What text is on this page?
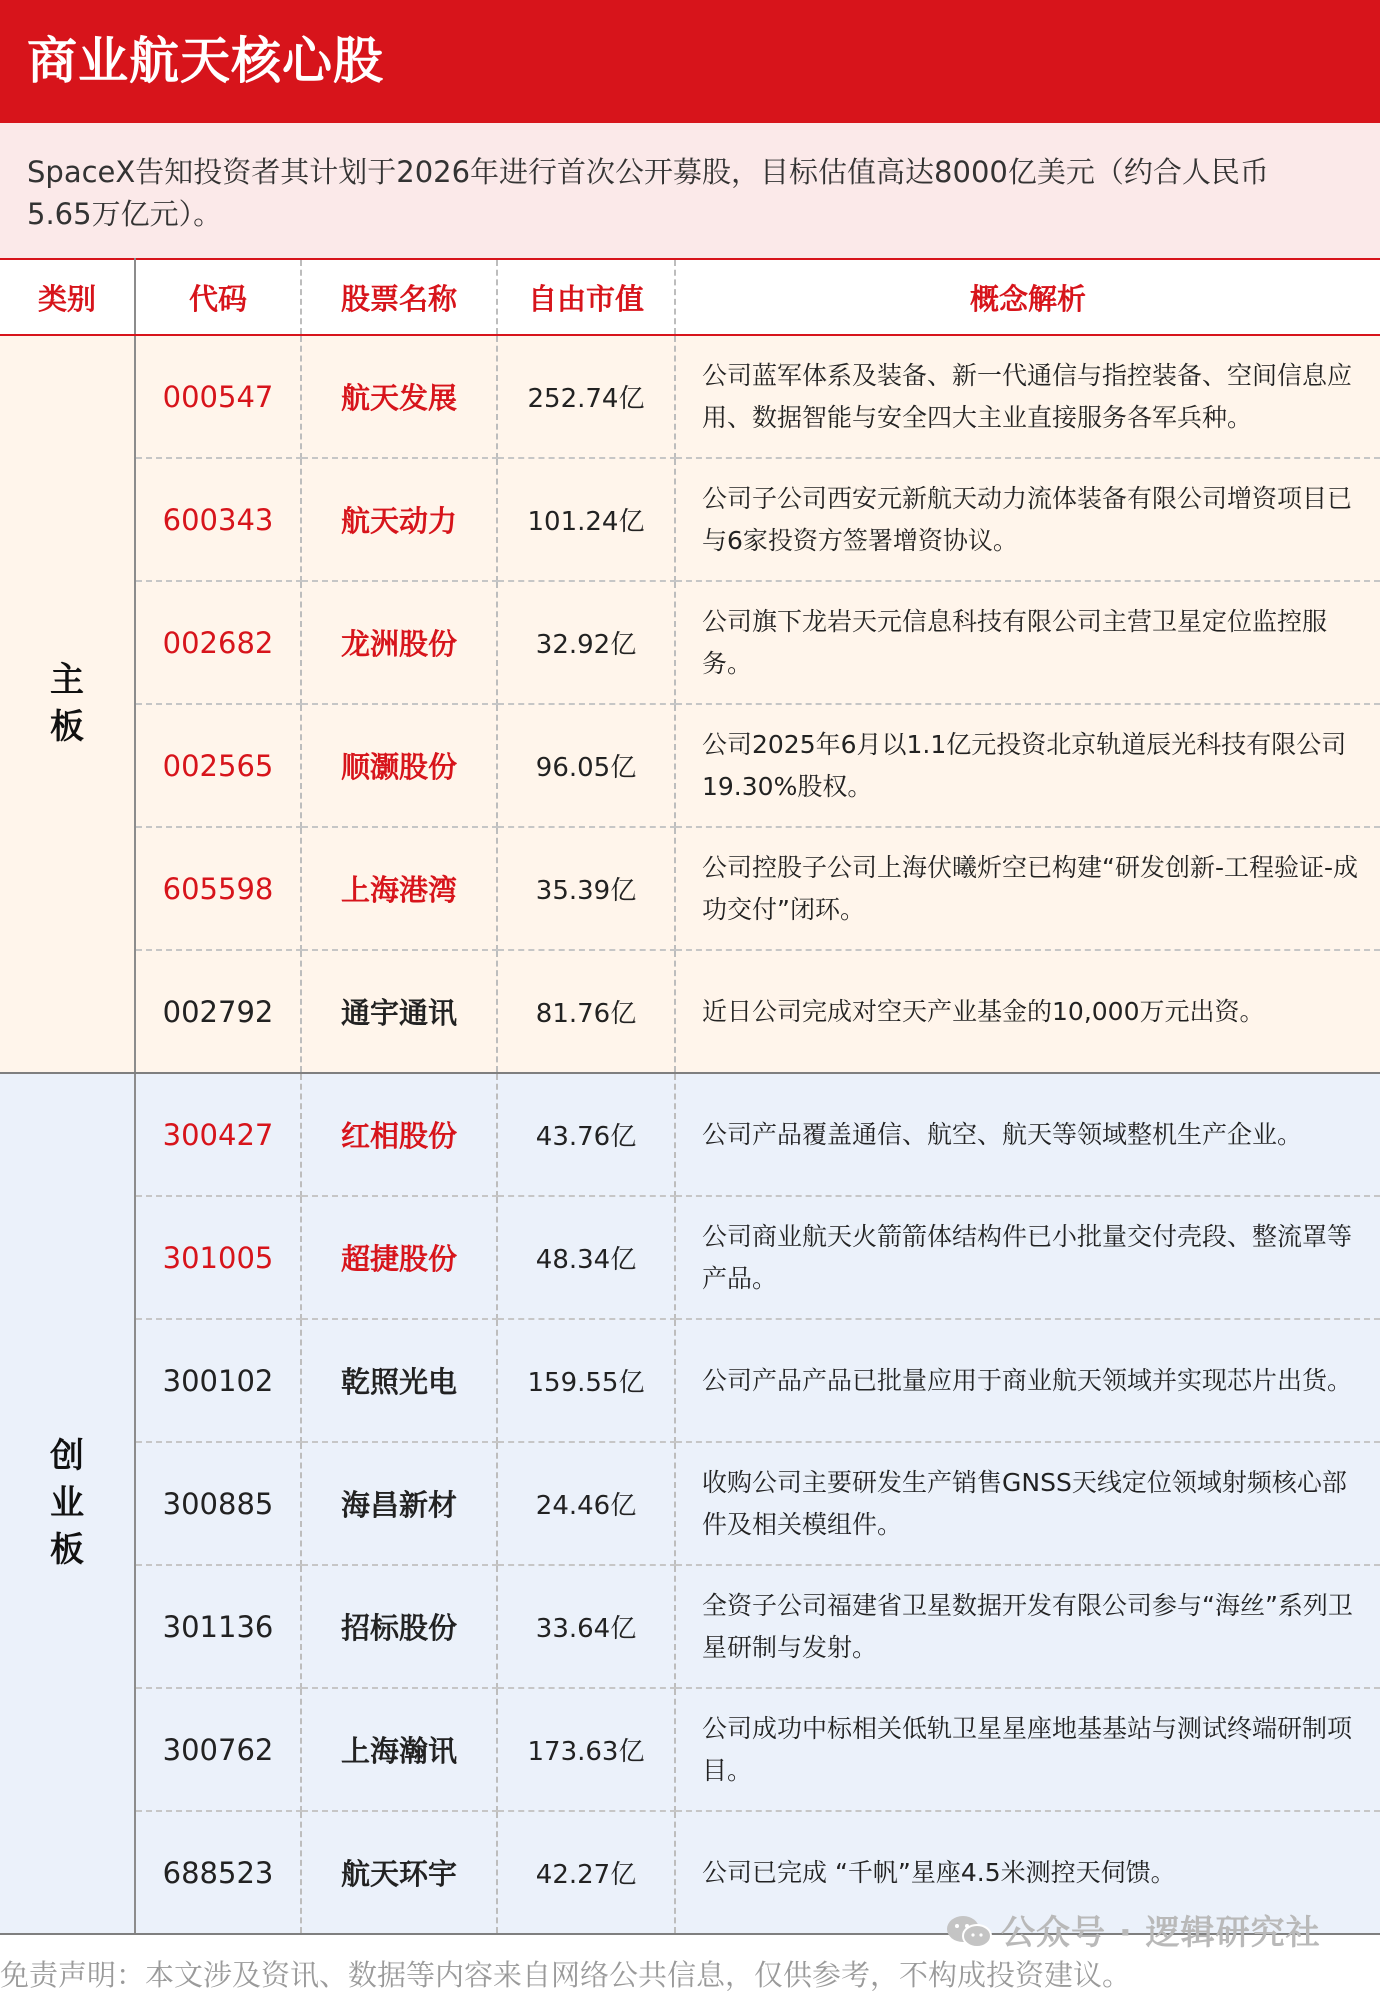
商业航天核心股
SpaceX告知投资者其计划于2026年进行首次公开募股，目标估值高达8000亿美元（约合人民币5.65万亿元）。
类别	代码	股票名称	自由市值	概念解析
主板	000547	航天发展	252.74亿	公司蓝军体系及装备、新一代通信与指控装备、空间信息应用、数据智能与安全四大主业直接服务各军兵种。
	600343	航天动力	101.24亿	公司子公司西安元新航天动力流体装备有限公司增资项目已与6家投资方签署增资协议。
	002682	龙洲股份	32.92亿	公司旗下龙岩天元信息科技有限公司主营卫星定位监控服务。
	002565	顺灏股份	96.05亿	公司2025年6月以1.1亿元投资北京轨道辰光科技有限公司19.30%股权。
	605598	上海港湾	35.39亿	公司控股子公司上海伏曦炘空已构建“研发创新-工程验证-成功交付”闭环。
	002792	通宇通讯	81.76亿	近日公司完成对空天产业基金的10,000万元出资。
创业板	300427	红相股份	43.76亿	公司产品覆盖通信、航空、航天等领域整机生产企业。
	301005	超捷股份	48.34亿	公司商业航天火箭箭体结构件已小批量交付壳段、整流罩等产品。
	300102	乾照光电	159.55亿	公司产品产品已批量应用于商业航天领域并实现芯片出货。
	300885	海昌新材	24.46亿	收购公司主要研发生产销售GNSS天线定位领域射频核心部件及相关模组件。
	301136	招标股份	33.64亿	全资子公司福建省卫星数据开发有限公司参与“海丝”系列卫星研制与发射。
	300762	上海瀚讯	173.63亿	公司成功中标相关低轨卫星星座地基基站与测试终端研制项目。
	688523	航天环宇	42.27亿	公司已完成 “千帆”星座4.5米测控天伺馈。
公众号 · 逻辑研究社
免责声明：本文涉及资讯、数据等内容来自网络公共信息，仅供参考，不构成投资建议。
